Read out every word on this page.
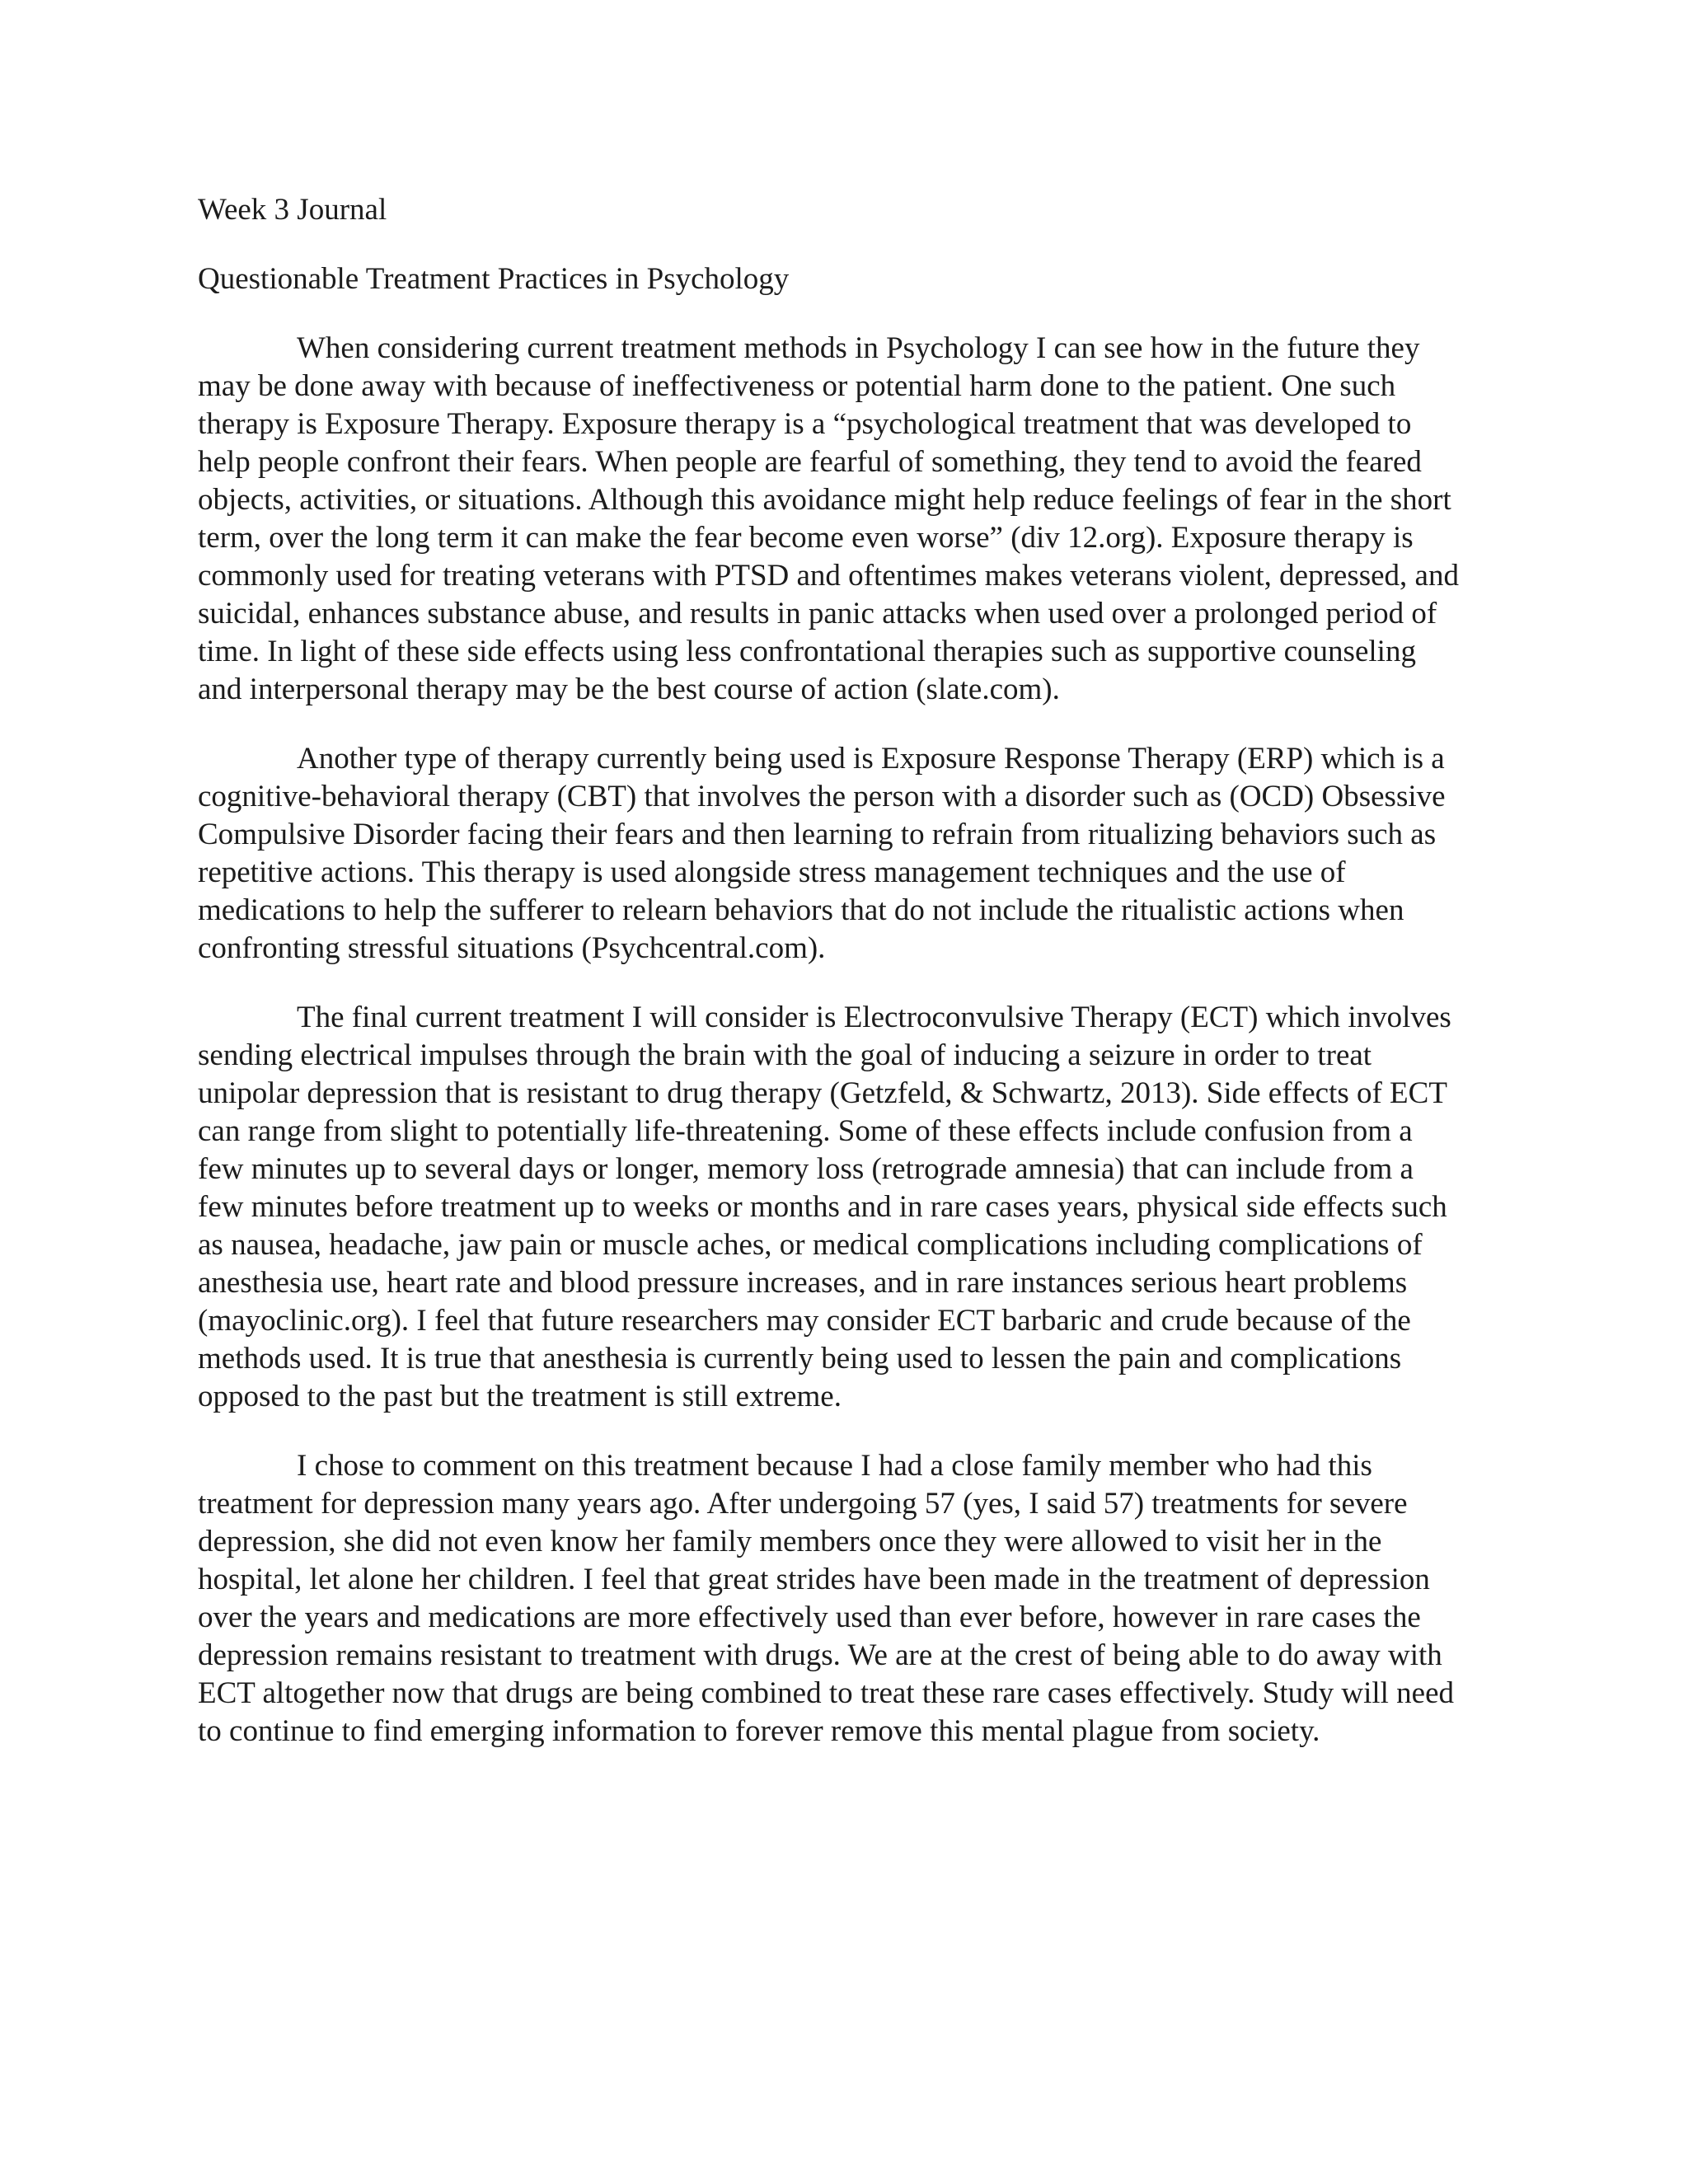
Week 3 Journal
Questionable Treatment Practices in Psychology

When considering current treatment methods in Psychology I can see how in the future they may be done away with because of ineffectiveness or potential harm done to the patient. One such therapy is Exposure Therapy. Exposure therapy is a “psychological treatment that was developed to help people confront their fears. When people are fearful of something, they tend to avoid the feared objects, activities, or situations. Although this avoidance might help reduce feelings of fear in the short term, over the long term it can make the fear become even worse” (div 12.org). Exposure therapy is commonly used for treating veterans with PTSD and oftentimes makes veterans violent, depressed, and suicidal, enhances substance abuse, and results in panic attacks when used over a prolonged period of time. In light of these side effects using less confrontational therapies such as supportive counseling and interpersonal therapy may be the best course of action (slate.com).

Another type of therapy currently being used is Exposure Response Therapy (ERP) which is a cognitive-behavioral therapy (CBT) that involves the person with a disorder such as (OCD) Obsessive Compulsive Disorder facing their fears and then learning to refrain from ritualizing behaviors such as repetitive actions. This therapy is used alongside stress management techniques and the use of medications to help the sufferer to relearn behaviors that do not include the ritualistic actions when confronting stressful situations (Psychcentral.com).

The final current treatment I will consider is Electroconvulsive Therapy (ECT) which involves sending electrical impulses through the brain with the goal of inducing a seizure in order to treat unipolar depression that is resistant to drug therapy (Getzfeld, & Schwartz, 2013). Side effects of ECT can range from slight to potentially life-threatening. Some of these effects include confusion from a few minutes up to several days or longer, memory loss (retrograde amnesia) that can include from a few minutes before treatment up to weeks or months and in rare cases years, physical side effects such as nausea, headache, jaw pain or muscle aches, or medical complications including complications of anesthesia use, heart rate and blood pressure increases, and in rare instances serious heart problems (mayoclinic.org). I feel that future researchers may consider ECT barbaric and crude because of the methods used. It is true that anesthesia is currently being used to lessen the pain and complications opposed to the past but the treatment is still extreme.

I chose to comment on this treatment because I had a close family member who had this treatment for depression many years ago. After undergoing 57 (yes, I said 57) treatments for severe depression, she did not even know her family members once they were allowed to visit her in the hospital, let alone her children. I feel that great strides have been made in the treatment of depression over the years and medications are more effectively used than ever before, however in rare cases the depression remains resistant to treatment with drugs. We are at the crest of being able to do away with ECT altogether now that drugs are being combined to treat these rare cases effectively. Study will need to continue to find emerging information to forever remove this mental plague from society.
